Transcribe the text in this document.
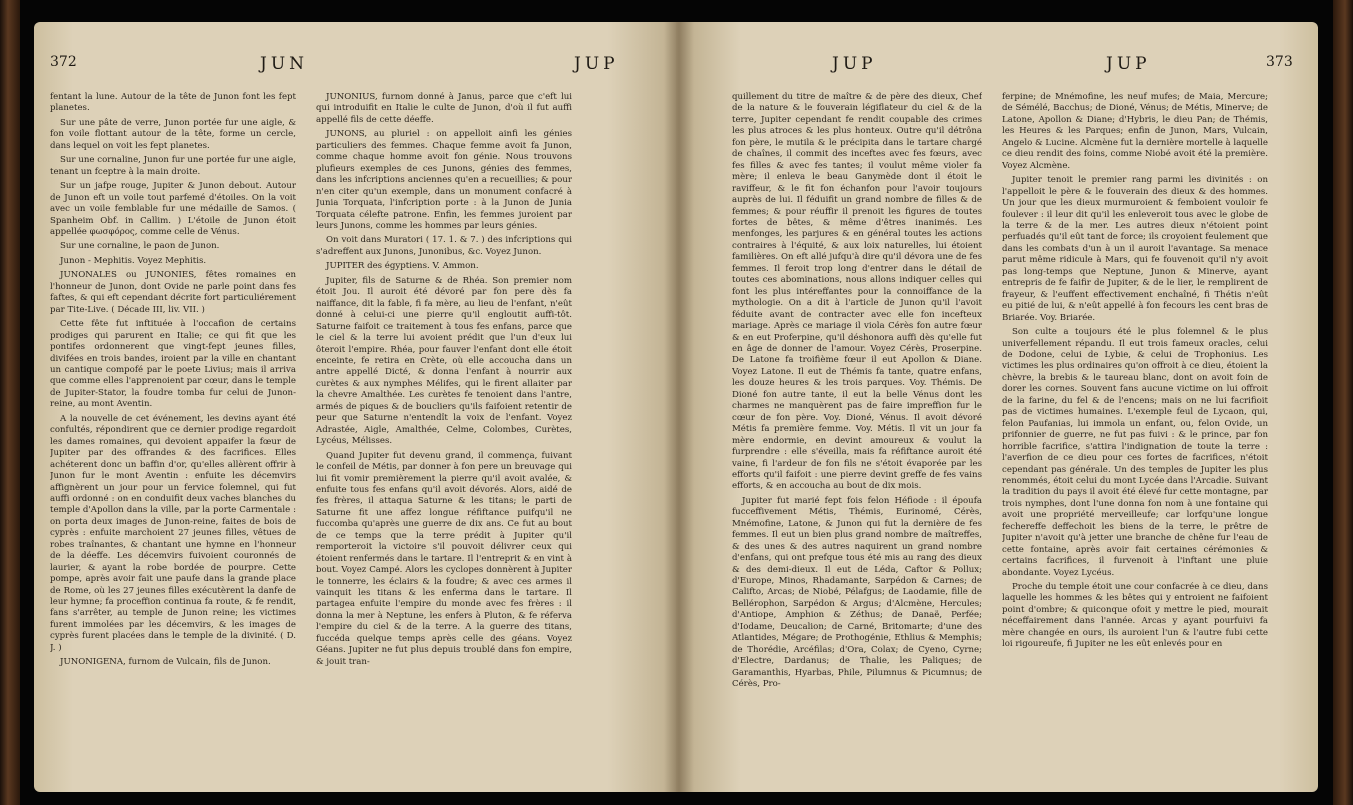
372	JUN	JUP

fentant la lune. Autour de la tête de Junon font les fept planetes.

Sur une pâte de verre, Junon portée fur une aigle, & fon voile flottant autour de la tête, forme un cercle, dans lequel on voit les fept planetes.

Sur une cornaline, Junon fur une portée fur une aigle, tenant un fceptre à la main droite.

Sur un jafpe rouge, Jupiter & Junon debout. Autour de Junon eft un voile tout parfemé d'étoiles. On la voit avec un voile femblable fur une médaille de Samos. ( Spanheim Obf. in Callim. ) L'étoile de Junon étoit appellée φωσφόρος, comme celle de Vénus.

Sur une cornaline, le paon de Junon.

Junon - Mephitis. Voyez Mephitis.

JUNONALES ou JUNONIES, fêtes romaines en l'honneur de Junon, dont Ovide ne parle point dans fes faftes, & qui eft cependant décrite fort particuliérement par Tite-Live. ( Décade III, liv. VII. )

Cette fête fut inftituée à l'occafion de certains prodiges qui parurent en Italie; ce qui fit que les pontifes ordonnerent que vingt-fept jeunes filles, divifées en trois bandes, iroient par la ville en chantant un cantique compofé par le poete Livius; mais il arriva que comme elles l'apprenoient par cœur, dans le temple de Jupiter-Stator, la foudre tomba fur celui de Junon-reine, au mont Aventin.

A la nouvelle de cet événement, les devins ayant été confultés, répondirent que ce dernier prodige regardoit les dames romaines, qui devoient appaifer la fœur de Jupiter par des offrandes & des facrifices. Elles achéterent donc un baffin d'or, qu'elles allèrent offrir à Junon fur le mont Aventin : enfuite les décemvirs affignèrent un jour pour un fervice folemnel, qui fut auffi ordonné : on en conduifit deux vaches blanches du temple d'Apollon dans la ville, par la porte Carmentale : on porta deux images de Junon-reine, faites de bois de cyprès : enfuite marchoient 27 jeunes filles, vêtues de robes traînantes, & chantant une hymne en l'honneur de la déeffe. Les décemvirs fuivoient couronnés de laurier, & ayant la robe bordée de pourpre. Cette pompe, après avoir fait une paufe dans la grande place de Rome, où les 27 jeunes filles exécutèrent la danfe de leur hymne; fa proceffion continua fa route, & fe rendit, fans s'arrêter, au temple de Junon reine; les victimes furent immolées par les décemvirs, & les images de cyprès furent placées dans le temple de la divinité. ( D. J. )

JUNONIGENA, furnom de Vulcain, fils de Junon.

JUNONIUS, furnom donné à Janus, parce que c'eft lui qui introduifit en Italie le culte de Junon, d'où il fut auffi appellé fils de cette déeffe.

JUNONS, au pluriel : on appelloit ainfi les génies particuliers des femmes. Chaque femme avoit fa Junon, comme chaque homme avoit fon génie. Nous trouvons plufieurs exemples de ces Junons, génies des femmes, dans les infcriptions anciennes qu'en a recueillies; & pour n'en citer qu'un exemple, dans un monument confacré à Junia Torquata, l'infcription porte : à la Junon de Junia Torquata célefte patrone. Enfin, les femmes juroient par leurs Junons, comme les hommes par leurs génies.

On voit dans Muratori ( 17. 1. & 7. ) des infcriptions qui s'adreffent aux Junons, Junonibus, &c. Voyez Junon.

JUPITER des égyptiens. V. Ammon.

Jupiter, fils de Saturne & de Rhéa. Son premier nom étoit Jou. Il auroit été dévoré par fon pere dès fa naiffance, dit la fable, fi fa mère, au lieu de l'enfant, n'eût donné à celui-ci une pierre qu'il engloutit auffi-tôt. Saturne faifoit ce traitement à tous fes enfans, parce que le ciel & la terre lui avoient prédit que l'un d'eux lui ôteroit l'empire. Rhéa, pour fauver l'enfant dont elle étoit enceinte, fe retira en Crète, où elle accoucha dans un antre appellé Dicté, & donna l'enfant à nourrir aux curètes & aux nymphes Mélifes, qui le firent allaiter par la chevre Amalthée. Les curètes fe tenoient dans l'antre, armés de piques & de boucliers qu'ils faifoient retentir de peur que Saturne n'entendît la voix de l'enfant. Voyez Adrastée, Aigle, Amalthée, Celme, Colombes, Curètes, Lycéus, Mélisses.

Quand Jupiter fut devenu grand, il commença, fuivant le confeil de Métis, par donner à fon pere un breuvage qui lui fit vomir premièrement la pierre qu'il avoit avalée, & enfuite tous fes enfans qu'il avoit dévorés. Alors, aidé de fes frères, il attaqua Saturne & les titans; le parti de Saturne fit une affez longue réfiftance puifqu'il ne fuccomba qu'après une guerre de dix ans. Ce fut au bout de ce temps que la terre prédit à Jupiter qu'il remporteroit la victoire s'il pouvoit délivrer ceux qui étoient renfermés dans le tartare. Il l'entreprit & en vint à bout. Voyez Campé. Alors les cyclopes donnèrent à Jupiter le tonnerre, les éclairs & la foudre; & avec ces armes il vainquit les titans & les enferma dans le tartare. Il partagea enfuite l'empire du monde avec fes frères : il donna la mer à Neptune, les enfers à Pluton, & fe réferva l'empire du ciel & de la terre. A la guerre des titans, fuccéda quelque temps après celle des géans. Voyez Géans. Jupiter ne fut plus depuis troublé dans fon empire, & jouit tran-

JUP	JUP	373

quillement du titre de maître & de père des dieux, Chef de la nature & le fouverain légiflateur du ciel & de la terre, Jupiter cependant fe rendit coupable des crimes les plus atroces & les plus honteux. Outre qu'il détrôna fon père, le mutila & le précipita dans le tartare chargé de chaînes, il commit des inceftes avec fes fœurs, avec fes filles & avec fes tantes; il voulut même violer fa mère; il enleva le beau Ganymède dont il étoit le raviffeur, & le fit fon échanfon pour l'avoir toujours auprès de lui. Il féduifit un grand nombre de filles & de femmes; & pour réuffir il prenoit les figures de toutes fortes de bêtes, & même d'êtres inanimés. Les menfonges, les parjures & en général toutes les actions contraires à l'équité, & aux loix naturelles, lui étoient familières. On eft allé jufqu'à dire qu'il dévora une de fes femmes. Il feroit trop long d'entrer dans le détail de toutes ces abominations, nous allons indiquer celles qui font les plus intéreffantes pour la connoiffance de la mythologie. On a dit à l'article de Junon qu'il l'avoit féduite avant de contracter avec elle fon incefteux mariage. Après ce mariage il viola Cérès fon autre fœur & en eut Proferpine, qu'il déshonora auffi dès qu'elle fut en âge de donner de l'amour. Voyez Cérès, Proserpine. De Latone fa troifième fœur il eut Apollon & Diane. Voyez Latone. Il eut de Thémis fa tante, quatre enfans, les douze heures & les trois parques. Voy. Thémis. De Dioné fon autre tante, il eut la belle Vénus dont les charmes ne manquèrent pas de faire impreffion fur le cœur de fon père. Voy. Dioné, Vénus. Il avoit dévoré Métis fa première femme. Voy. Métis. Il vit un jour fa mère endormie, en devint amoureux & voulut la furprendre : elle s'éveilla, mais fa réfiftance auroit été vaine, fi l'ardeur de fon fils ne s'étoit évaporée par les efforts qu'il faifoit : une pierre devint greffe de fes vains efforts, & en accoucha au bout de dix mois.

Jupiter fut marié fept fois felon Héfiode : il époufa fucceffivement Métis, Thémis, Eurinomé, Cérès, Mnémofine, Latone, & Junon qui fut la dernière de fes femmes. Il eut un bien plus grand nombre de maîtreffes, & des unes & des autres naquirent un grand nombre d'enfans, qui ont prefque tous été mis au rang des dieux & des demi-dieux. Il eut de Léda, Caftor & Pollux; d'Europe, Minos, Rhadamante, Sarpédon & Carnes; de Califto, Arcas; de Niobé, Pélafgus; de Laodamie, fille de Bellérophon, Sarpédon & Argus; d'Alcmène, Hercules; d'Antiope, Amphion & Zéthus; de Danaë, Perfée; d'Iodame, Deucalion; de Carné, Britomarte; d'une des Atlantides, Mégare; de Prothogénie, Ethlius & Memphis; de Thorédie, Arcéfilas; d'Ora, Colax; de Cyeno, Cyrne; d'Electre, Dardanus; de Thalie, les Paliques; de Garamanthis, Hyarbas, Phile, Pilumnus & Picumnus; de Cérès, Pro-

ferpine; de Mnémofine, les neuf mufes; de Maia, Mercure; de Sémélé, Bacchus; de Dioné, Vénus; de Métis, Minerve; de Latone, Apollon & Diane; d'Hybris, le dieu Pan; de Thémis, les Heures & les Parques; enfin de Junon, Mars, Vulcain, Angelo & Lucine. Alcmène fut la dernière mortelle à laquelle ce dieu rendit des foins, comme Niobé avoit été la première. Voyez Alcmène.

Jupiter tenoit le premier rang parmi les divinités : on l'appelloit le père & le fouverain des dieux & des hommes. Un jour que les dieux murmuroient & femboient vouloir fe foulever : il leur dit qu'il les enleveroit tous avec le globe de la terre & de la mer. Les autres dieux n'étoient point perfuadés qu'il eût tant de force; ils croyoient feulement que dans les combats d'un à un il auroit l'avantage. Sa menace parut même ridicule à Mars, qui fe fouvenoit qu'il n'y avoit pas long-temps que Neptune, Junon & Minerve, ayant entrepris de fe faifir de Jupiter, & de le lier, le remplirent de frayeur, & l'euffent effectivement enchaîné, fi Thétis n'eût eu pitié de lui, & n'eût appellé à fon fecours les cent bras de Briarée. Voy. Briarée.

Son culte a toujours été le plus folemnel & le plus univerfellement répandu. Il eut trois fameux oracles, celui de Dodone, celui de Lybie, & celui de Trophonius. Les victimes les plus ordinaires qu'on offroit à ce dieu, étoient la chèvre, la brebis & le taureau blanc, dont on avoit foin de dorer les cornes. Souvent fans aucune victime on lui offroit de la farine, du fel & de l'encens; mais on ne lui facrifioit pas de victimes humaines. L'exemple feul de Lycaon, qui, felon Paufanias, lui immola un enfant, ou, felon Ovide, un prifonnier de guerre, ne fut pas fuivi : & le prince, par fon horrible facrifice, s'attira l'indignation de toute la terre : l'averfion de ce dieu pour ces fortes de facrifices, n'étoit cependant pas générale. Un des temples de Jupiter les plus renommés, étoit celui du mont Lycée dans l'Arcadie. Suivant la tradition du pays il avoit été élevé fur cette montagne, par trois nymphes, dont l'une donna fon nom à une fontaine qui avoit une propriété merveilleufe; car lorfqu'une longue fechereffe deffechoit les biens de la terre, le prêtre de Jupiter n'avoit qu'à jetter une branche de chêne fur l'eau de cette fontaine, après avoir fait certaines cérémonies & certains facrifices, il furvenoit à l'inftant une pluie abondante. Voyez Lycéus.

Proche du temple étoit une cour confacrée à ce dieu, dans laquelle les hommes & les bêtes qui y entroient ne faifoient point d'ombre; & quiconque ofoit y mettre le pied, mourait néceffairement dans l'année. Arcas y ayant pourfuivi fa mère changée en ours, ils auroient l'un & l'autre fubi cette loi rigoureufe, fi Jupiter ne les eût enlevés pour en
